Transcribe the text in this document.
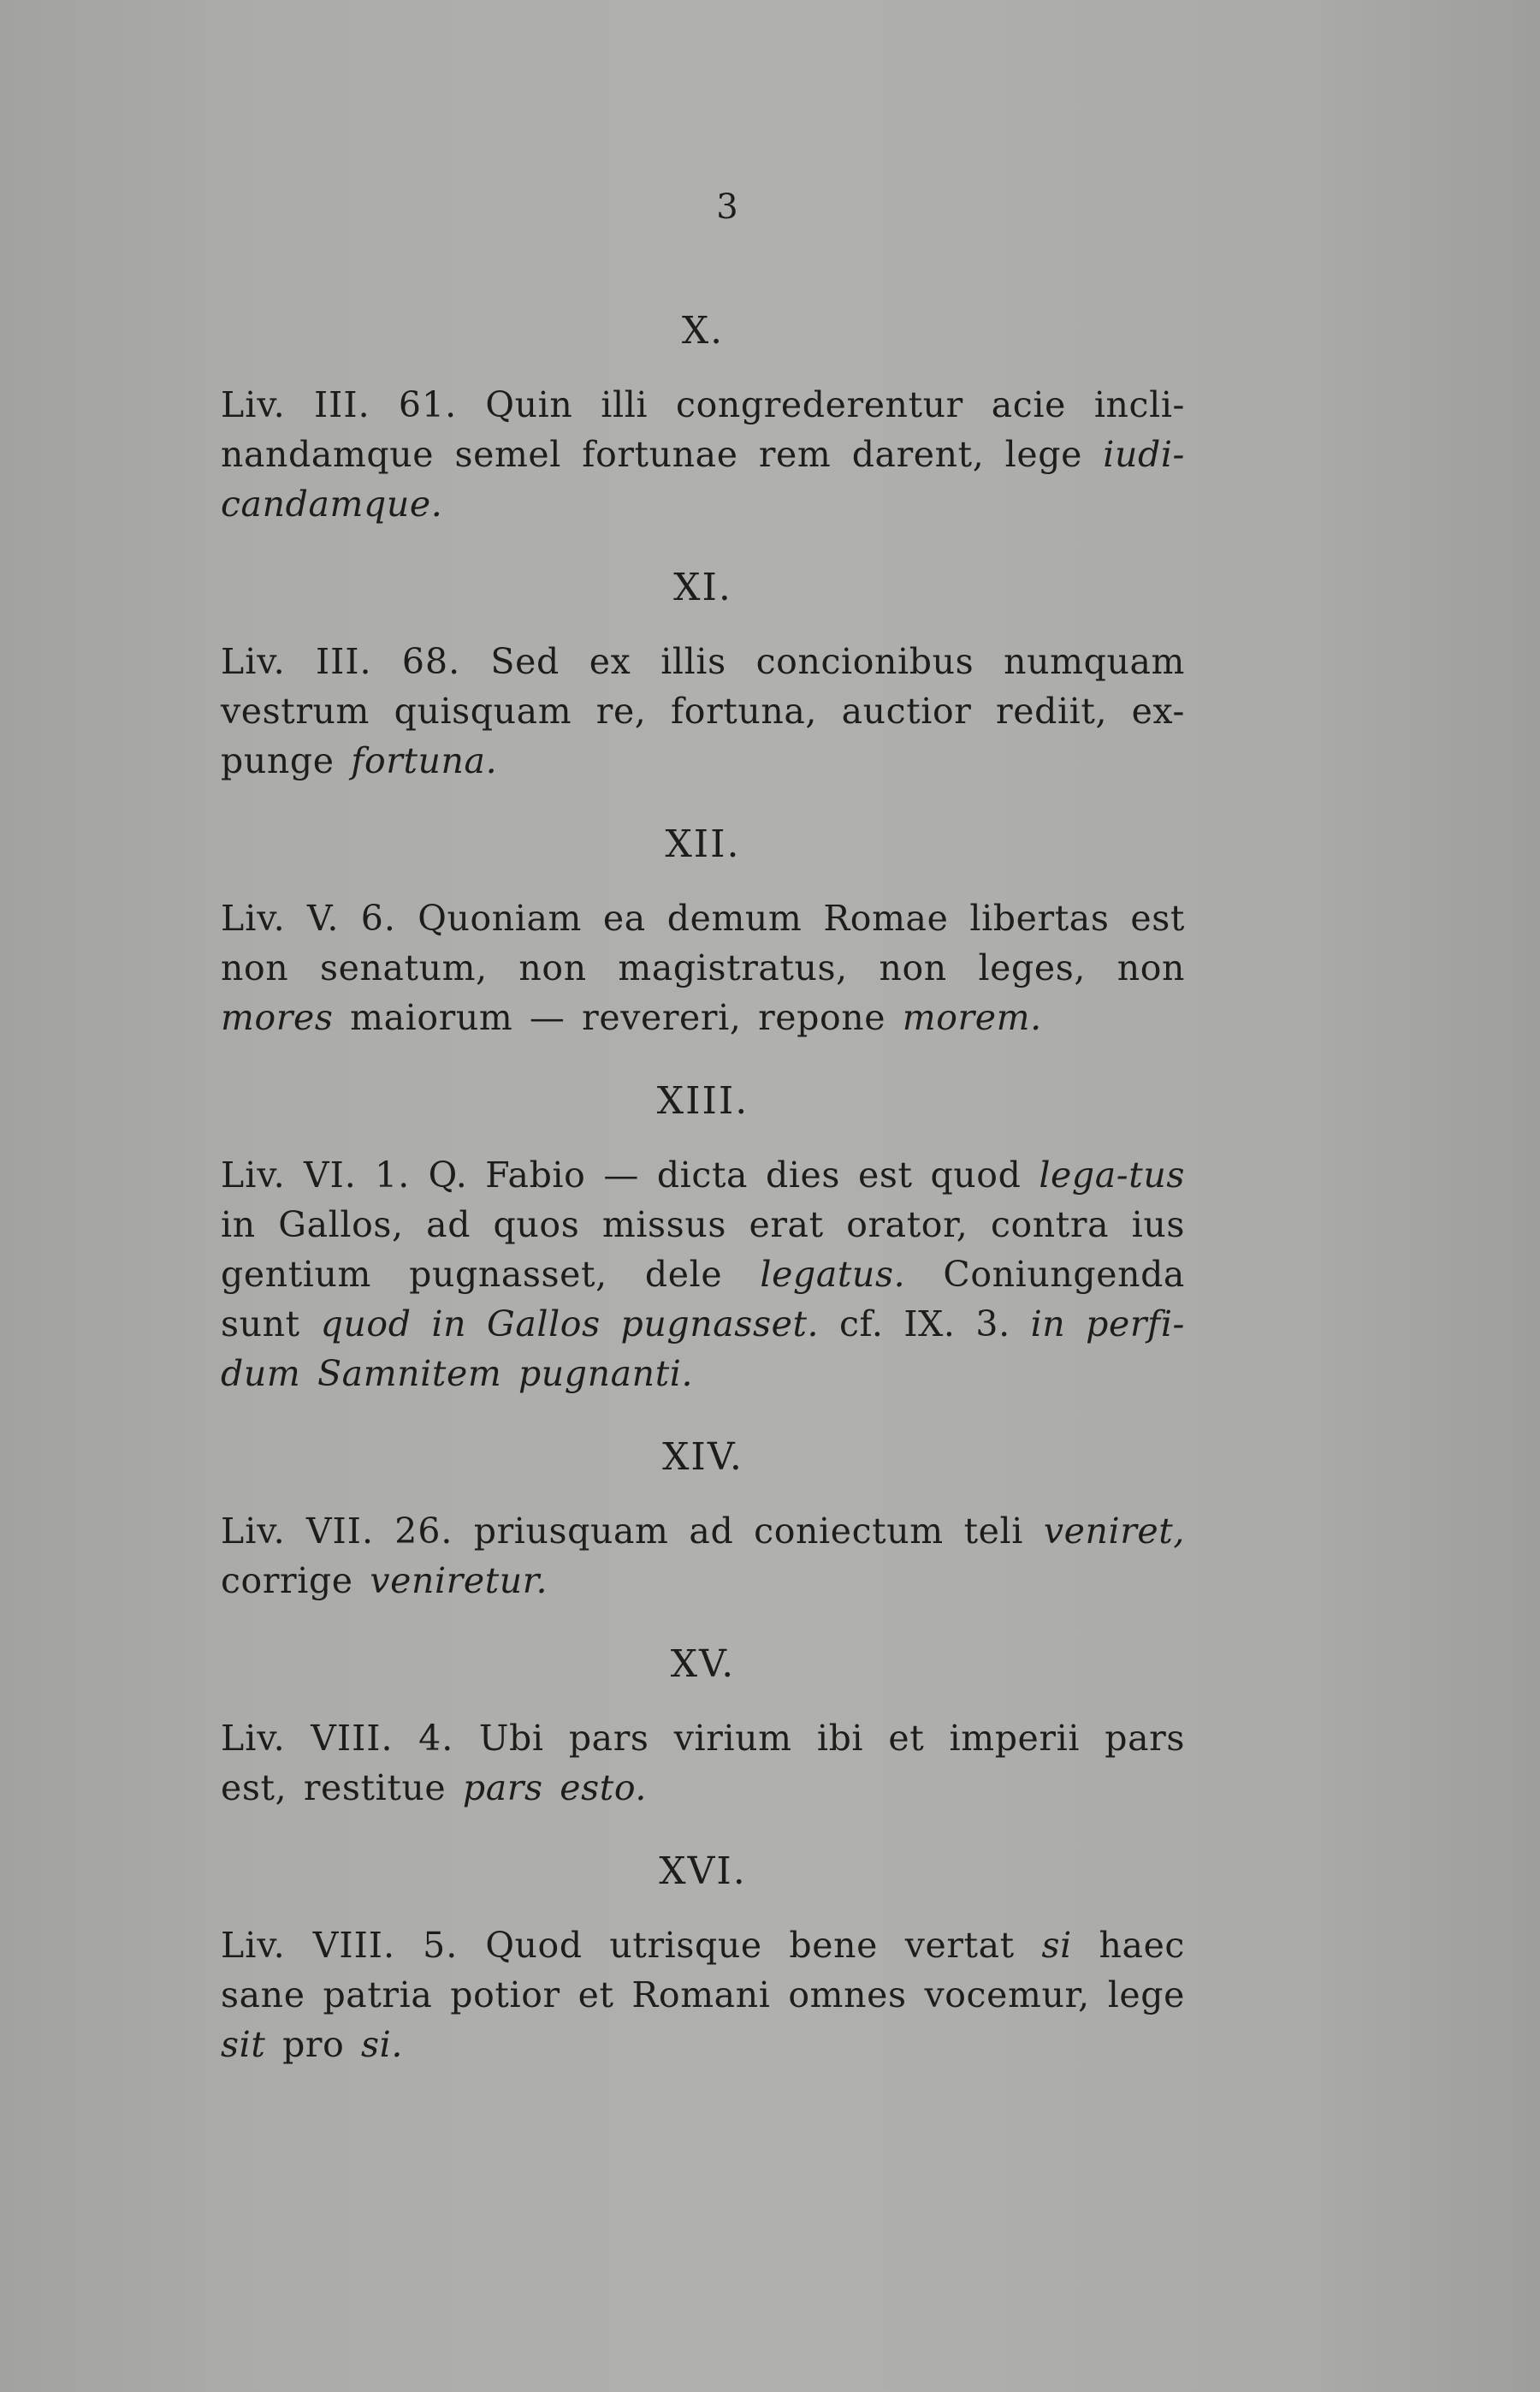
3
X.

Liv. III. 61. Quin illi congrederentur acie incli-nandamque semel fortunae rem darent, lege iudi-candamque.

XI.

Liv. III. 68. Sed ex illis concionibus numquam vestrum quisquam re, fortuna, auctior rediit, ex-punge fortuna.

XII.

Liv. V. 6. Quoniam ea demum Romae libertas est non senatum, non magistratus, non leges, non mores maiorum — revereri, repone morem.

XIII.

Liv. VI. 1. Q. Fabio — dicta dies est quod lega-tus in Gallos, ad quos missus erat orator, contra ius gentium pugnasset, dele legatus. Coniungenda sunt quod in Gallos pugnasset. cf. IX. 3. in perfi-dum Samnitem pugnanti.

XIV.

Liv. VII. 26. priusquam ad coniectum teli veniret, corrige veniretur.

XV.

Liv. VIII. 4. Ubi pars virium ibi et imperii pars est, restitue pars esto.

XVI.

Liv. VIII. 5. Quod utrisque bene vertat si haec sane patria potior et Romani omnes vocemur, lege sit pro si.
